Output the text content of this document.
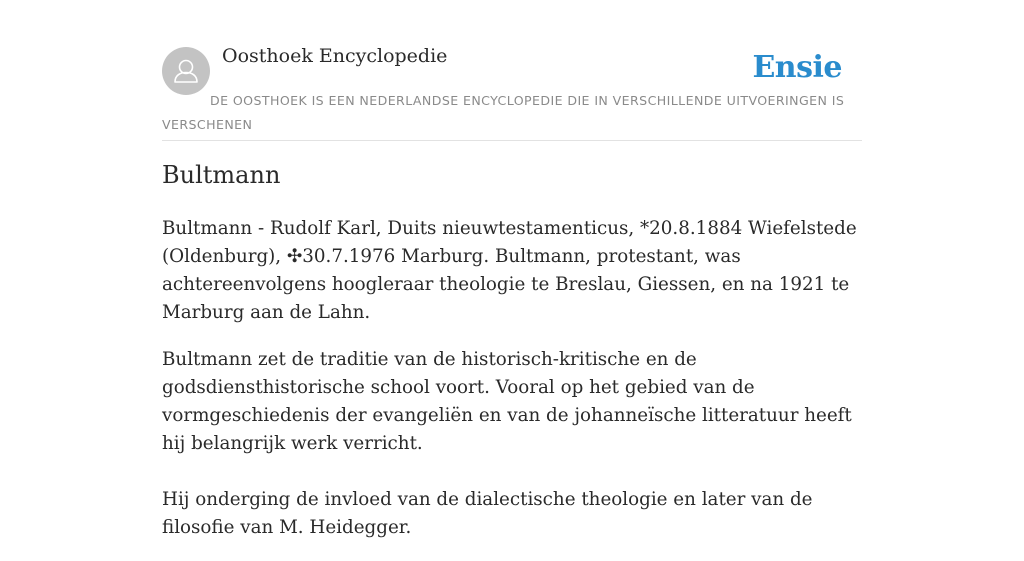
Oosthoek Encyclopedie	Ensie
DE OOSTHOEK IS EEN NEDERLANDSE ENCYCLOPEDIE DIE IN VERSCHILLENDE UITVOERINGEN IS VERSCHENEN
Bultmann

Bultmann - Rudolf Karl, Duits nieuwtestamenticus, *20.8.1884 Wiefelstede (Oldenburg), ✣30.7.1976 Marburg. Bultmann, protestant, was achtereenvolgens hoogleraar theologie te Breslau, Giessen, en na 1921 te Marburg aan de Lahn.

Bultmann zet de traditie van de historisch-kritische en de godsdiensthistorische school voort. Vooral op het gebied van de vormgeschiedenis der evangeliën en van de johanneïsche litteratuur heeft hij belangrijk werk verricht.

Hij onderging de invloed van de dialectische theologie en later van de filosofie van M. Heidegger.
